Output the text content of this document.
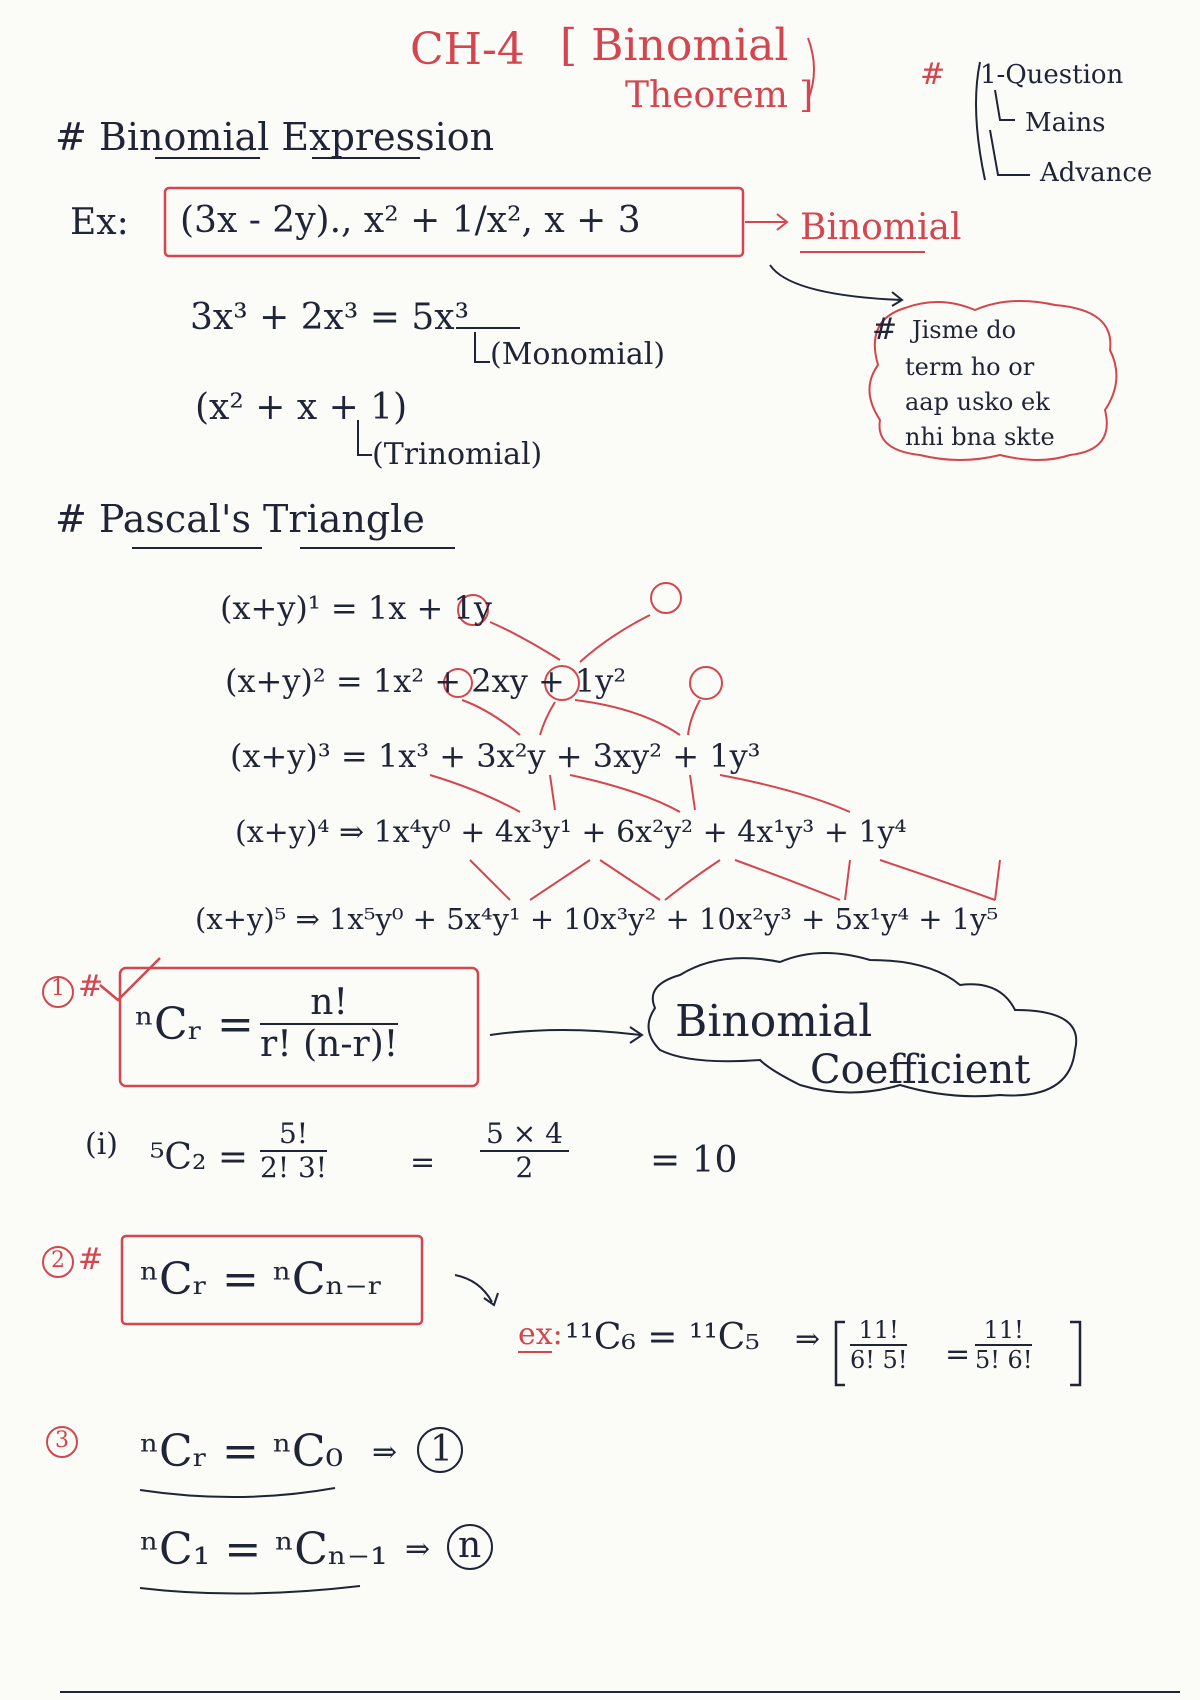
CH-4 [ Binomial
Theorem ]
# 1-Question
Mains
Advance
# Binomial Expression
Ex: (3x - 2y)., x² + 1/x², x + 3	Binomial
3x³ + 2x³ = 5x³
(Monomial)
(x² + x + 1)
(Trinomial)
# Jisme do
term ho or
aap usko ek
nhi bna skte
# Pascal's Triangle
(x+y)¹ = 1x + 1y
(x+y)² = 1x² + 2xy + 1y²
(x+y)³ = 1x³ + 3x²y + 3xy² + 1y³
(x+y)⁴ ⇒ 1x⁴y⁰ + 4x³y¹ + 6x²y² + 4x¹y³ + 1y⁴
(x+y)⁵ ⇒ 1x⁵y⁰ + 5x⁴y¹ + 10x³y² + 10x²y³ + 5x¹y⁴ + 1y⁵
1 #
ⁿCᵣ = $\frac{n!}{r! (n-r)!}$	Binomial
Coefficient
(i) $^5C_2 = \frac{5!}{2! 3!}$	= $\frac{5 \times 4}{2} = 10$
2 # ⁿCᵣ = ⁿCₙ₋ᵣ
ex: ¹¹C₆ = ¹¹C₅ ⇒ $\frac{11!}{6! 5!} = \frac{11!}{5! 6!}$
3 ⁿCᵣ = ⁿC₀ ⇒ 1
ⁿC₁ = ⁿCₙ₋₁ ⇒ n
